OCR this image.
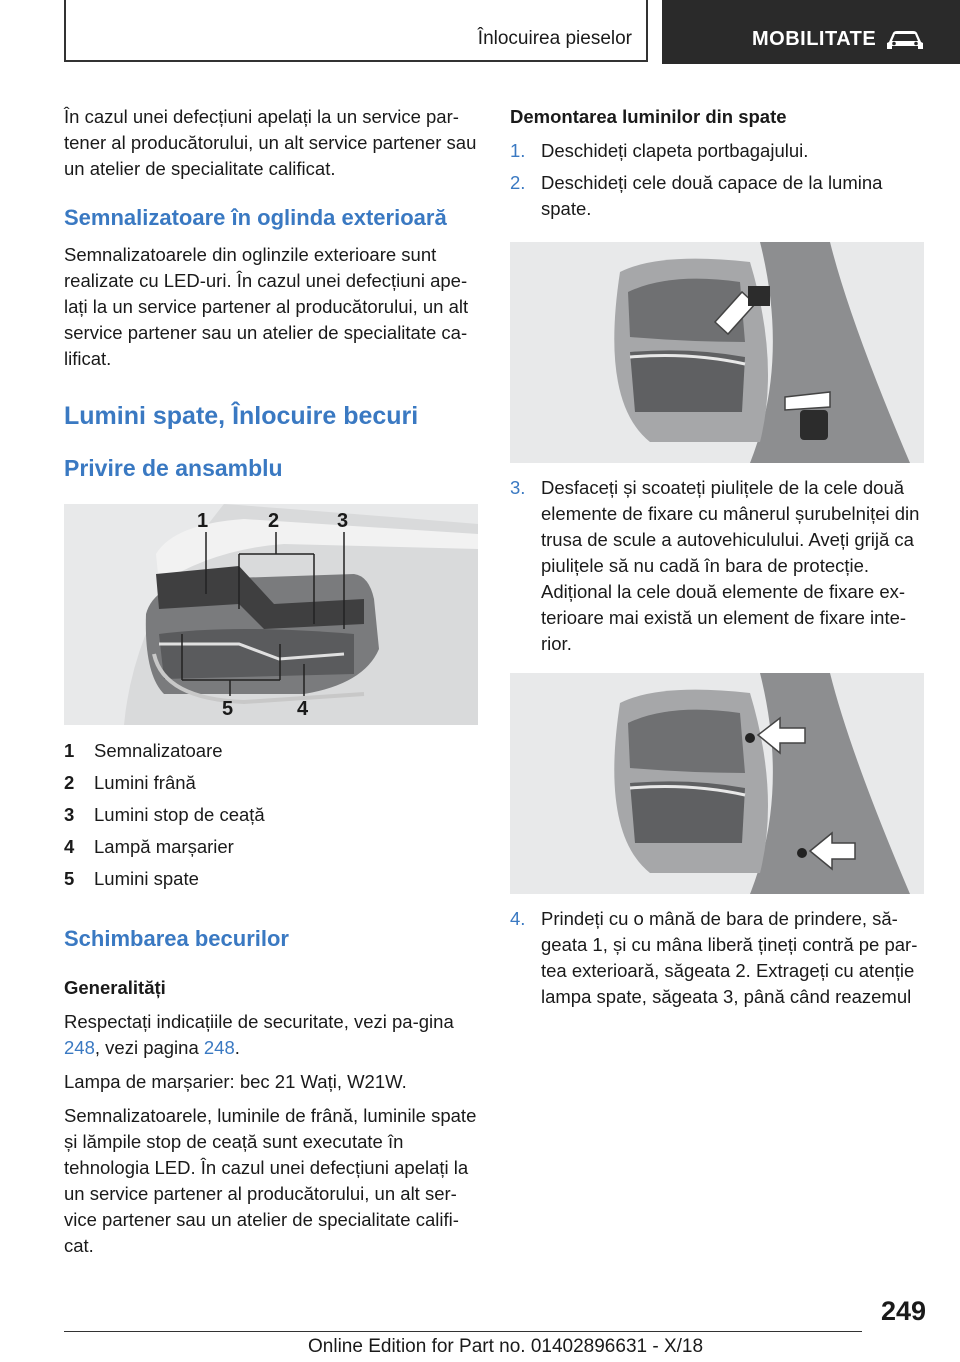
Înlocuirea pieselor	MOBILITATE

În cazul unei defecțiuni apelați la un service par-tener al producătorului, un alt service partener sau un atelier de specialitate calificat.

Semnalizatoare în oglinda exterioară

Semnalizatoarele din oglinzile exterioare sunt realizate cu LED-uri. În cazul unei defecțiuni ape-lați la un service partener al producătorului, un alt service partener sau un atelier de specialitate ca-lificat.

Lumini spate, Înlocuire becuri
Privire de ansamblu
1	2	3
5	4
1	Semnalizatoare
2	Lumini frână
3	Lumini stop de ceață
4	Lampă marșarier
5	Lumini spate
Schimbarea becurilor
Generalități

Respectați indicațiile de securitate, vezi pa-gina 248, vezi pagina 248.

Lampa de marșarier: bec 21 Wați, W21W.

Semnalizatoarele, luminile de frână, luminile spate și lămpile stop de ceață sunt executate în tehnologia LED. În cazul unei defecțiuni apelați la un service partener al producătorului, un alt ser-vice partener sau un atelier de specialitate califi-cat.

Demontarea luminilor din spate
1. Deschideți clapeta portbagajului.
2. Deschideți cele două capace de la lumina spate.
3. Desfaceți și scoateți piulițele de la cele două elemente de fixare cu mânerul șurubelniței din trusa de scule a autovehiculului. Aveți grijă ca piulițele să nu cadă în bara de protecție. Adițional la cele două elemente de fixare ex-terioare mai există un element de fixare inte-rior.
4. Prindeți cu o mână de bara de prindere, să-geata 1, și cu mâna liberă țineți contră pe par-tea exterioară, săgeata 2. Extrageți cu atenție lampa spate, săgeata 3, până când reazemul
249
Online Edition for Part no. 01402896631 - X/18
